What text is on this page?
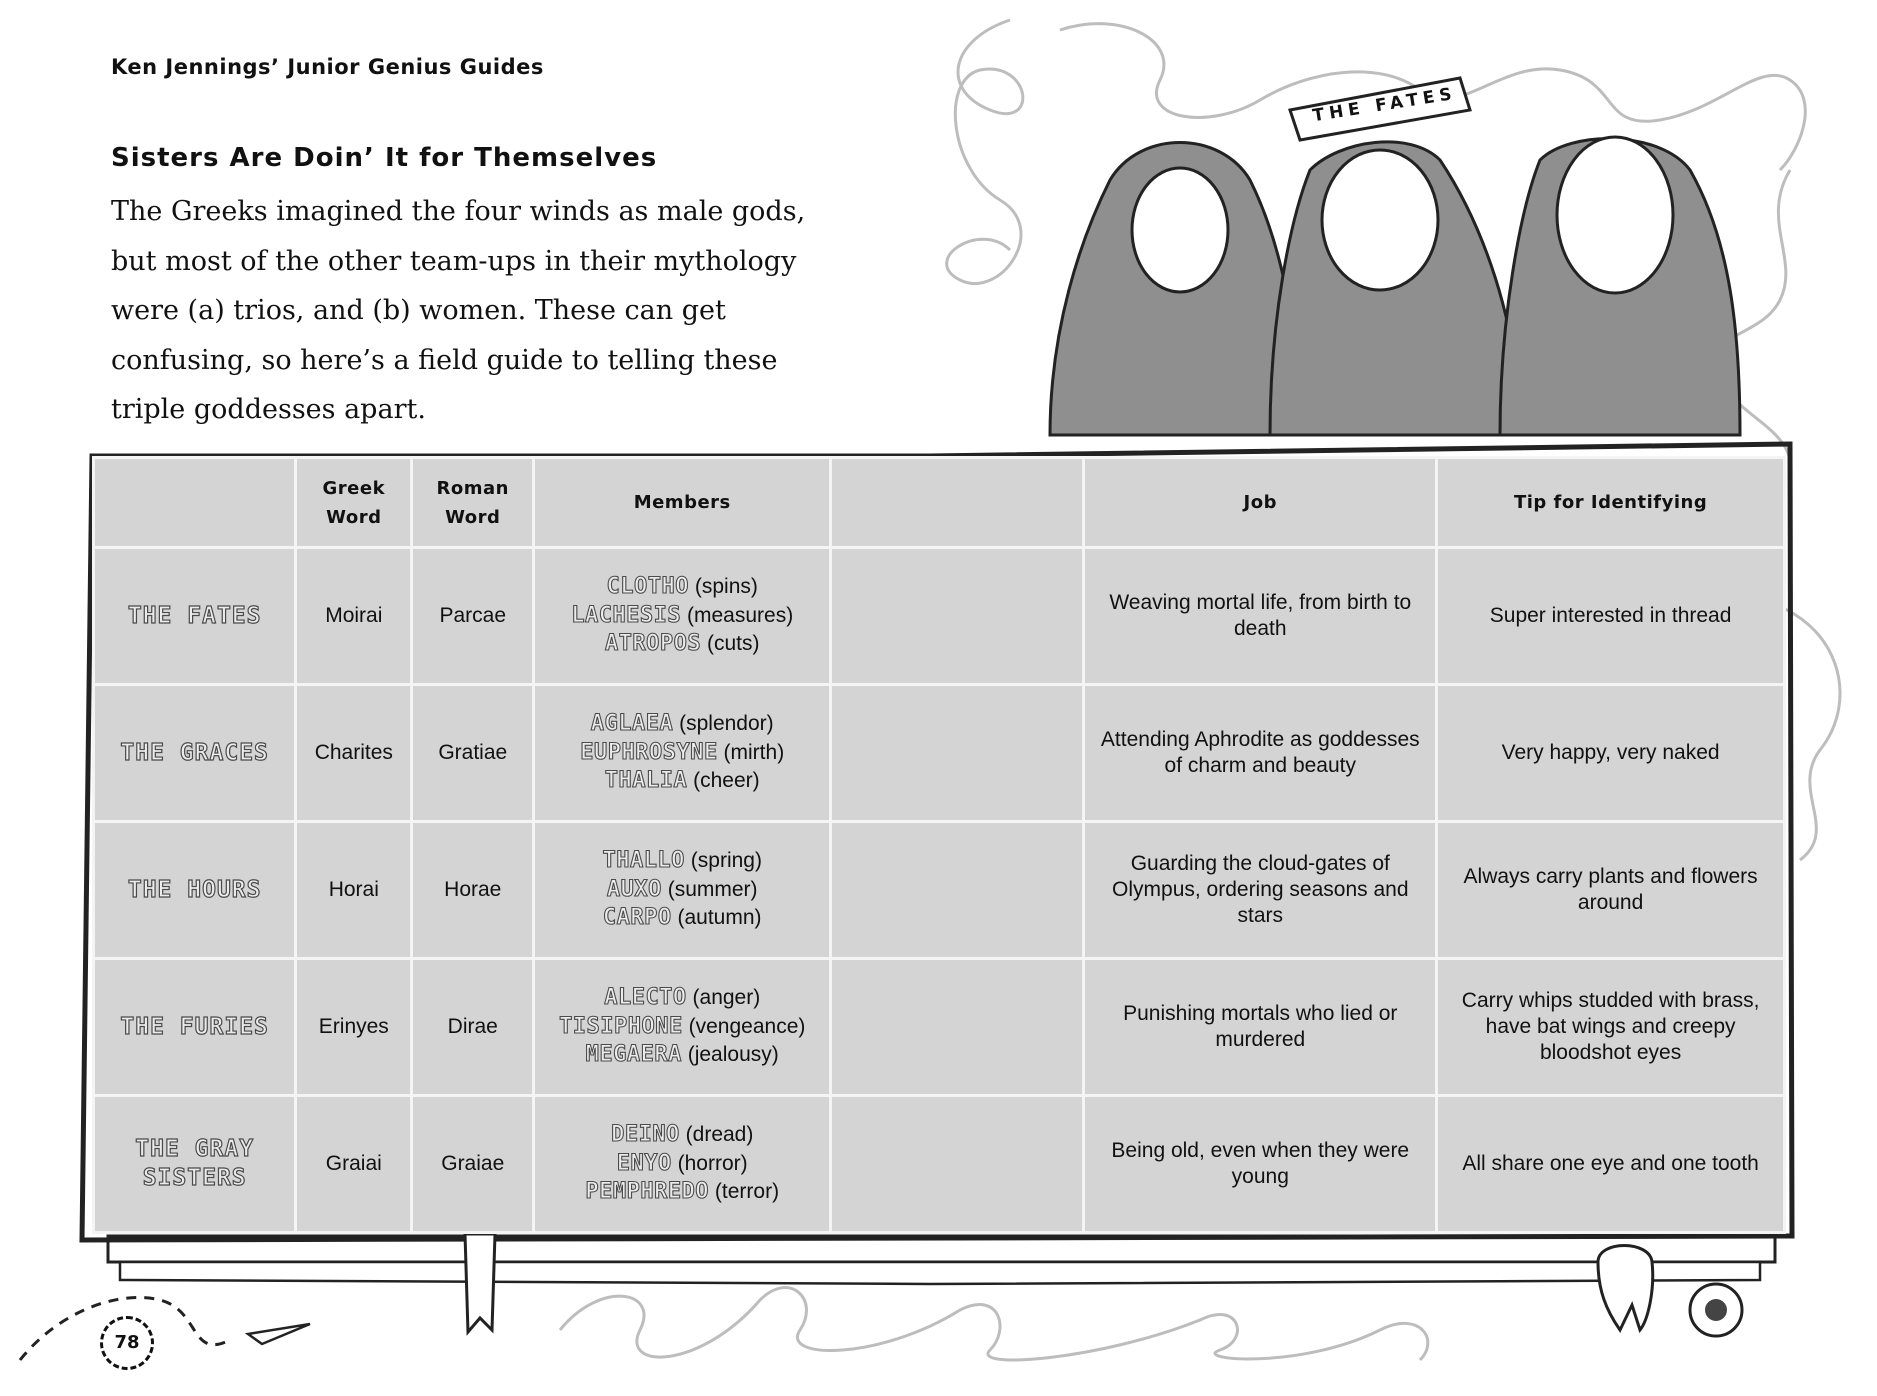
Ken Jennings’ Junior Genius Guides
Sisters Are Doin’ It for Themselves

The Greeks imagined the four winds as male gods, but most of the other team-ups in their mythology were (a) trios, and (b) women. These can get confusing, so here’s a field guide to telling these triple goddesses apart.

THE FATES
	Greek Word	Roman Word	Members		Job	Tip for Identifying
THE FATES	Moirai	Parcae	CLOTHO (spins)
LACHESIS (measures)
ATROPOS (cuts)		Weaving mortal life, from birth to death	Super interested in thread
THE GRACES	Charites	Gratiae	AGLAEA (splendor)
EUPHROSYNE (mirth)
THALIA (cheer)		Attending Aphrodite as goddesses of charm and beauty	Very happy, very naked
THE HOURS	Horai	Horae	THALLO (spring)
AUXO (summer)
CARPO (autumn)		Guarding the cloud-gates of Olympus, ordering seasons and stars	Always carry plants and flowers around
THE FURIES	Erinyes	Dirae	ALECTO (anger)
TISIPHONE (vengeance)
MEGAERA (jealousy)		Punishing mortals who lied or murdered	Carry whips studded with brass, have bat wings and creepy bloodshot eyes
THE GRAY SISTERS	Graiai	Graiae	DEINO (dread)
ENYO (horror)
PEMPHREDO (terror)		Being old, even when they were young	All share one eye and one tooth
78
